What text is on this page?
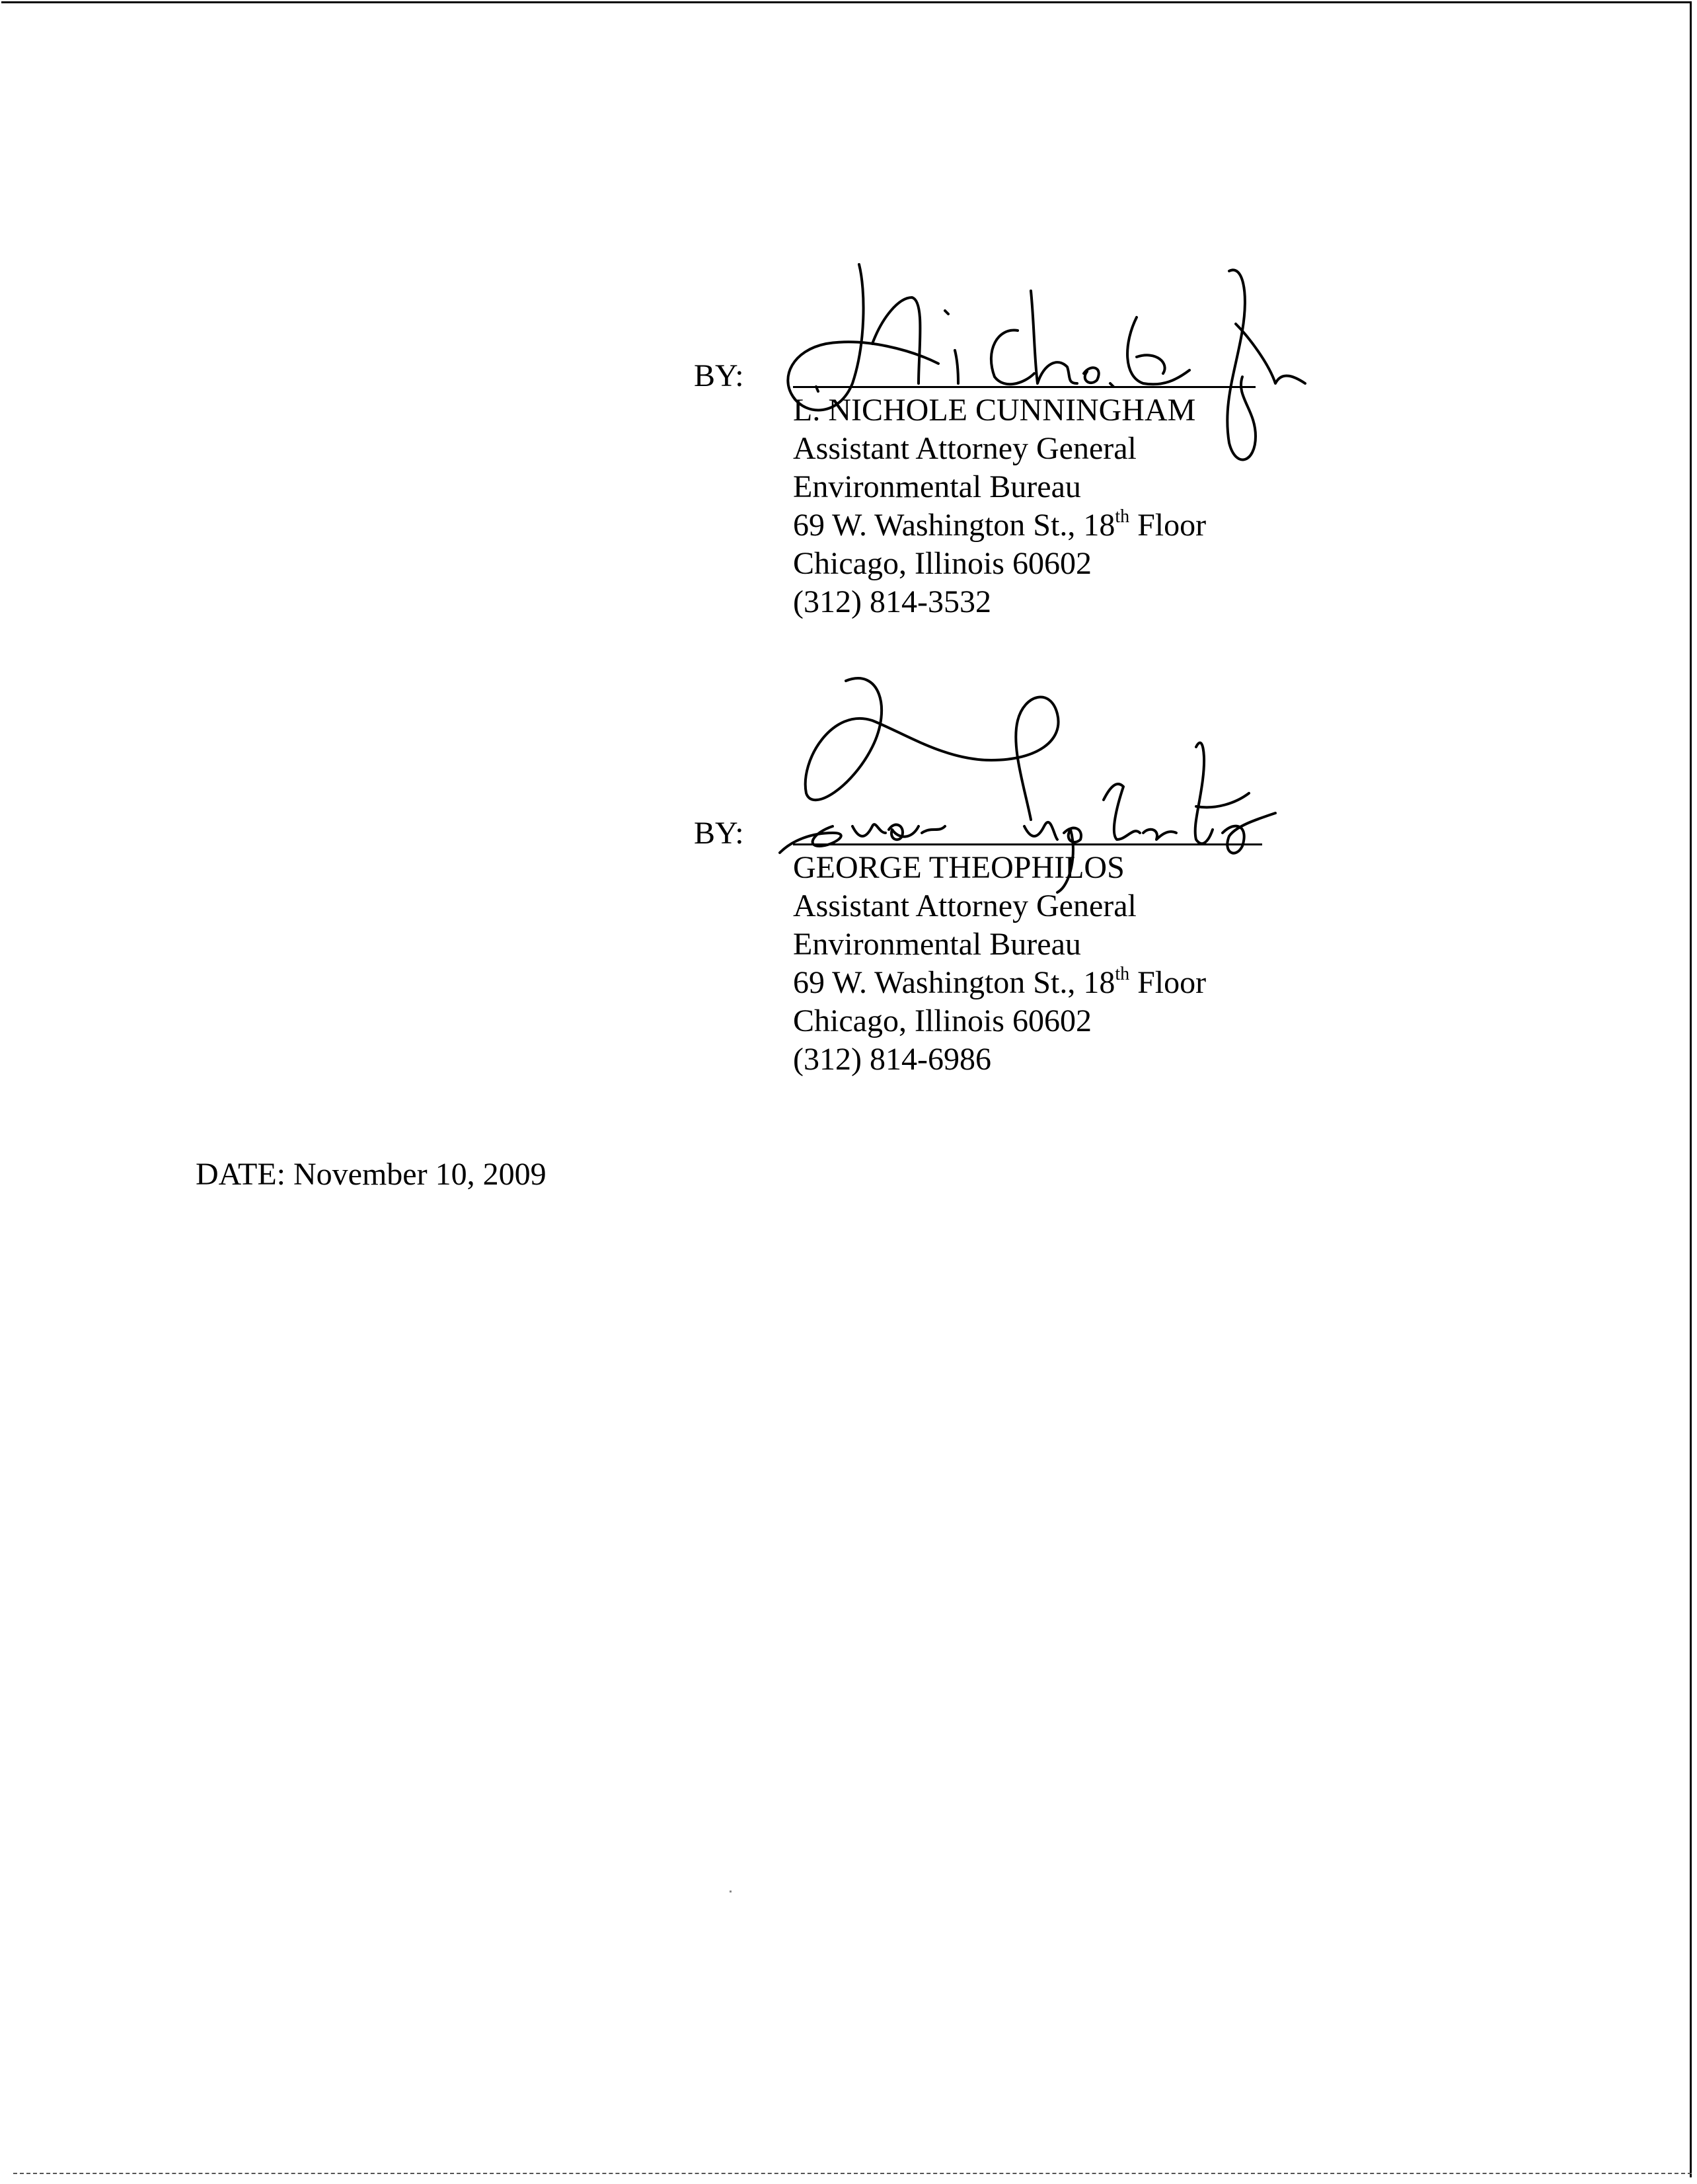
BY:
L. NICHOLE CUNNINGHAM
Assistant Attorney General
Environmental Bureau
69 W. Washington St., 18th Floor
Chicago, Illinois 60602
(312) 814-3532
BY:
GEORGE THEOPHILOS
Assistant Attorney General
Environmental Bureau
69 W. Washington St., 18th Floor
Chicago, Illinois 60602
(312) 814-6986
DATE: November 10, 2009
